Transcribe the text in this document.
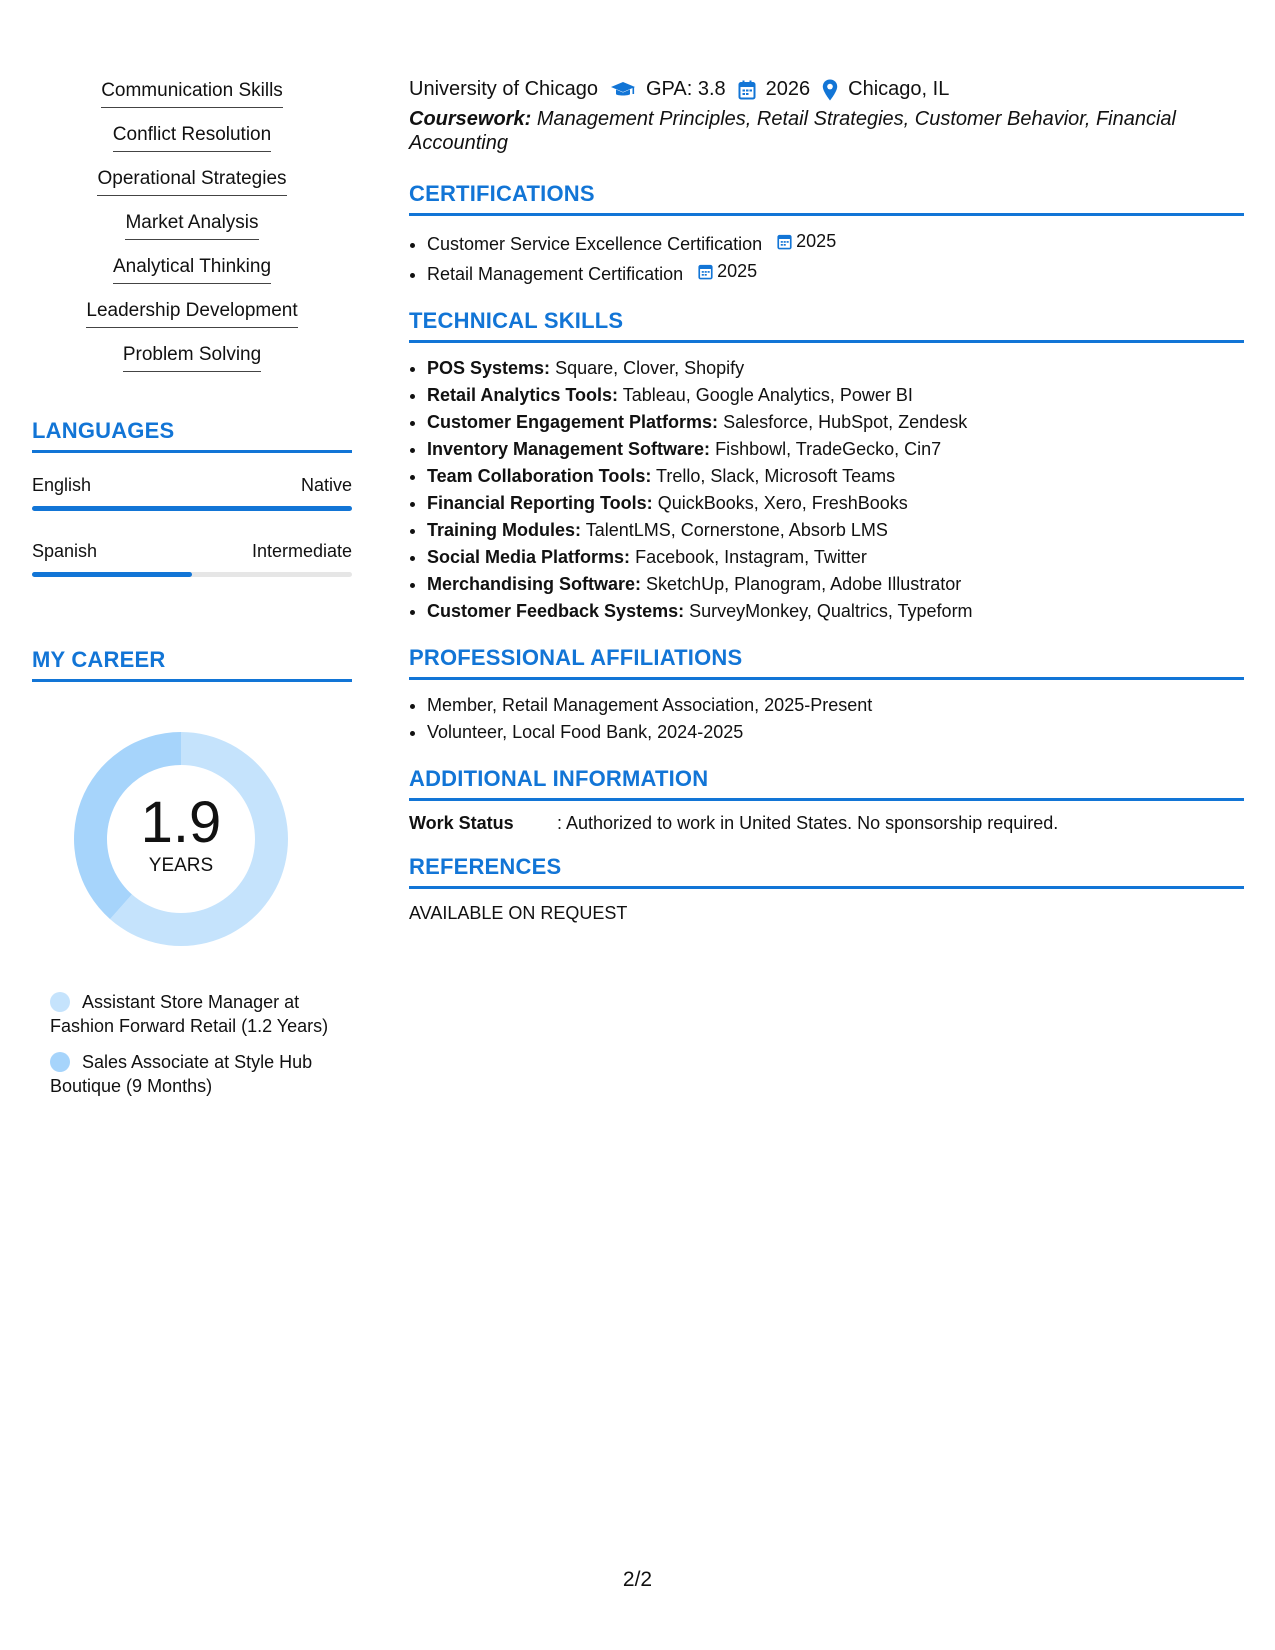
Communication Skills
Conflict Resolution
Operational Strategies
Market Analysis
Analytical Thinking
Leadership Development
Problem Solving
LANGUAGES
English	Native
Spanish	Intermediate
MY CAREER
1.9
YEARS
Assistant Store Manager at Fashion Forward Retail (1.2 Years)
Sales Associate at Style Hub Boutique (9 Months)
University of Chicago GPA: 3.8 2026 Chicago, IL
Coursework: Management Principles, Retail Strategies, Customer Behavior, Financial Accounting
CERTIFICATIONS
• Customer Service Excellence Certification 2025
• Retail Management Certification 2025
TECHNICAL SKILLS
• POS Systems: Square, Clover, Shopify
• Retail Analytics Tools: Tableau, Google Analytics, Power BI
• Customer Engagement Platforms: Salesforce, HubSpot, Zendesk
• Inventory Management Software: Fishbowl, TradeGecko, Cin7
• Team Collaboration Tools: Trello, Slack, Microsoft Teams
• Financial Reporting Tools: QuickBooks, Xero, FreshBooks
• Training Modules: TalentLMS, Cornerstone, Absorb LMS
• Social Media Platforms: Facebook, Instagram, Twitter
• Merchandising Software: SketchUp, Planogram, Adobe Illustrator
• Customer Feedback Systems: SurveyMonkey, Qualtrics, Typeform
PROFESSIONAL AFFILIATIONS
• Member, Retail Management Association, 2025-Present
• Volunteer, Local Food Bank, 2024-2025
ADDITIONAL INFORMATION
Work Status	: Authorized to work in United States. No sponsorship required.
REFERENCES
AVAILABLE ON REQUEST
2/2
